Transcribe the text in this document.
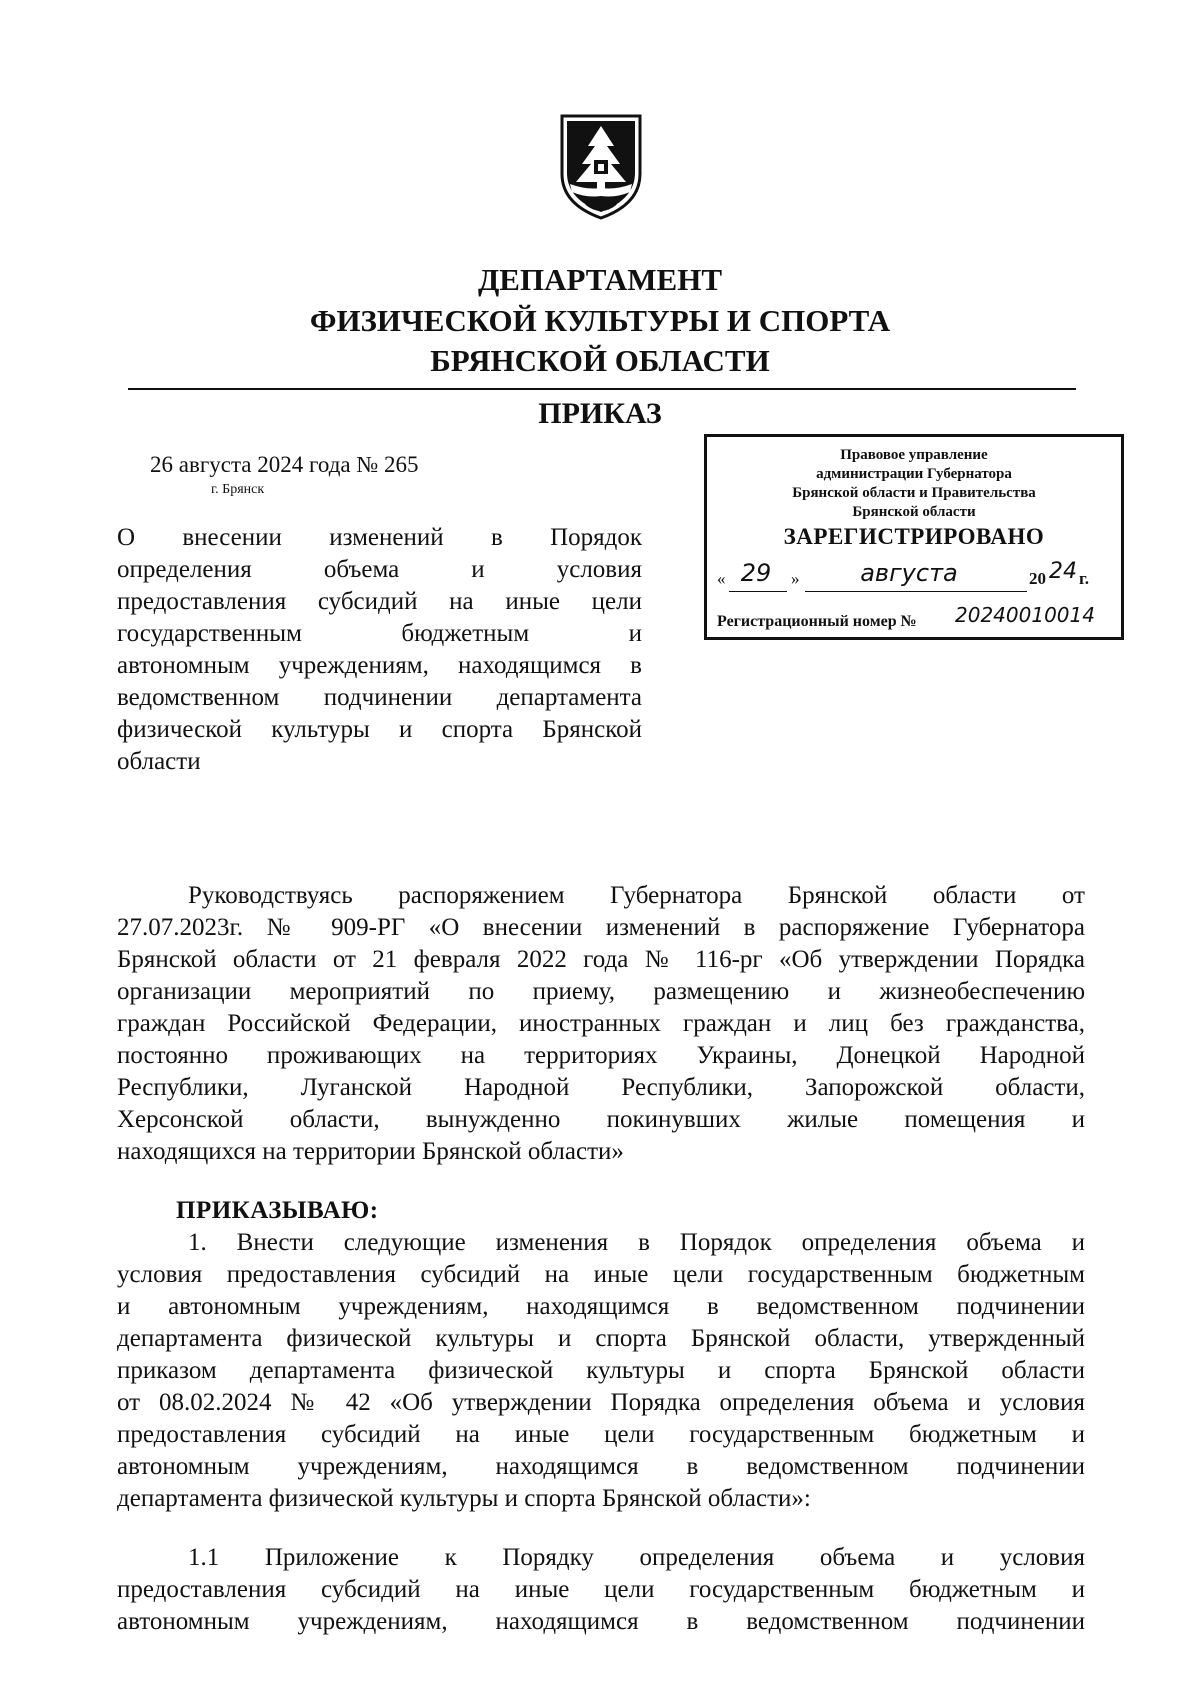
ДЕПАРТАМЕНТ
ФИЗИЧЕСКОЙ КУЛЬТУРЫ И СПОРТА
БРЯНСКОЙ ОБЛАСТИ
ПРИКАЗ
26 августа 2024 года № 265
г. Брянск
О внесении изменений в Порядок
определения объема и условия
предоставления субсидий на иные цели
государственным бюджетным и
автономным учреждениям, находящимся в
ведомственном подчинении департамента
физической культуры и спорта Брянской
области
Правовое управление
администрации Губернатора
Брянской области и Правительства
Брянской области
ЗАРЕГИСТРИРОВАНО
« 29	»	августа	20 24 г.
Регистрационный номер № 20240010014
Руководствуясь распоряжением Губернатора Брянской области от
27.07.2023г. № 909-РГ «О внесении изменений в распоряжение Губернатора
Брянской области от 21 февраля 2022 года № 116-рг «Об утверждении Порядка
организации мероприятий по приему, размещению и жизнеобеспечению
граждан Российской Федерации, иностранных граждан и лиц без гражданства,
постоянно проживающих на территориях Украины, Донецкой Народной
Республики, Луганской Народной Республики, Запорожской области,
Херсонской области, вынужденно покинувших жилые помещения и
находящихся на территории Брянской области»
ПРИКАЗЫВАЮ:
1. Внести следующие изменения в Порядок определения объема и
условия предоставления субсидий на иные цели государственным бюджетным
и автономным учреждениям, находящимся в ведомственном подчинении
департамента физической культуры и спорта Брянской области, утвержденный
приказом департамента физической культуры и спорта Брянской области
от 08.02.2024 № 42 «Об утверждении Порядка определения объема и условия
предоставления субсидий на иные цели государственным бюджетным и
автономным учреждениям, находящимся в ведомственном подчинении
департамента физической культуры и спорта Брянской области»:
1.1 Приложение к Порядку определения объема и условия
предоставления субсидий на иные цели государственным бюджетным и
автономным учреждениям, находящимся в ведомственном подчинении
